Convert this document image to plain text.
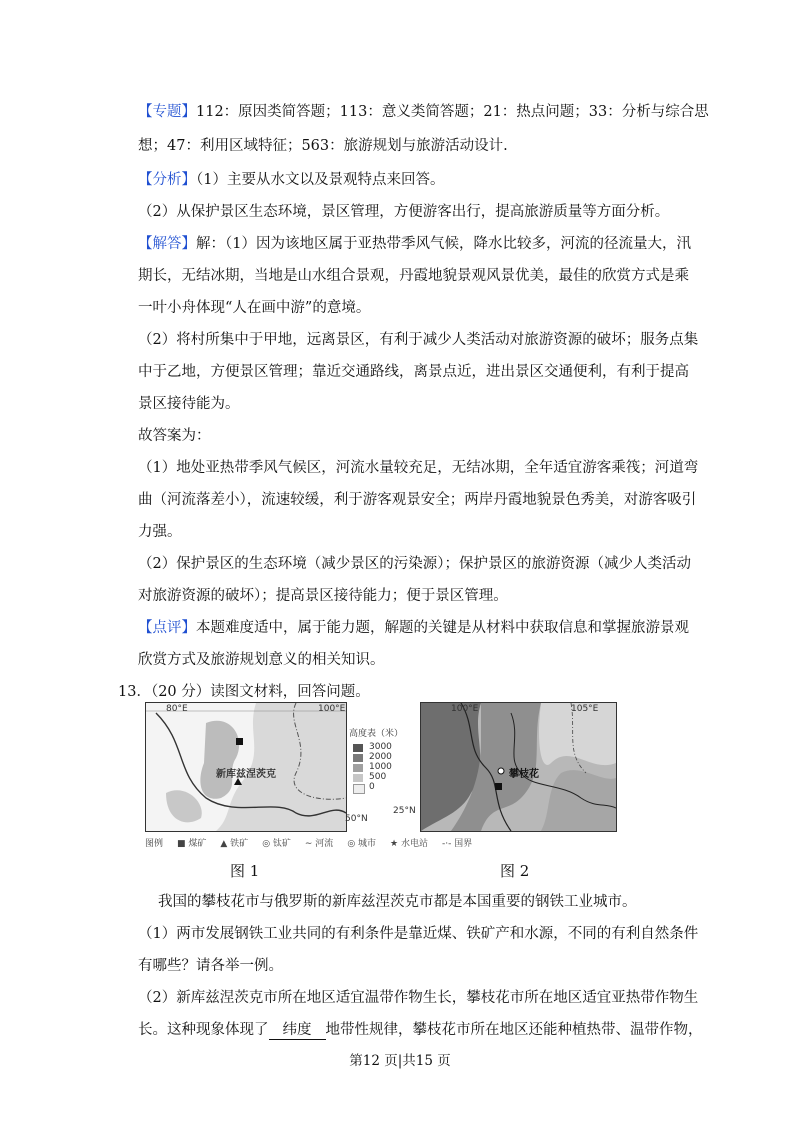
【专题】112：原因类简答题；113：意义类简答题；21：热点问题；33：分析与综合思
想；47：利用区域特征；563：旅游规划与旅游活动设计.
【分析】（1）主要从水文以及景观特点来回答。
（2）从保护景区生态环境，景区管理，方便游客出行，提高旅游质量等方面分析。
【解答】解：（1）因为该地区属于亚热带季风气候，降水比较多，河流的径流量大，汛
期长，无结冰期，当地是山水组合景观，丹霞地貌景观风景优美，最佳的欣赏方式是乘
一叶小舟体现“人在画中游”的意境。
（2）将村所集中于甲地，远离景区，有利于减少人类活动对旅游资源的破坏；服务点集
中于乙地，方便景区管理；靠近交通路线，离景点近，进出景区交通便利，有利于提高
景区接待能为。
故答案为：
（1）地处亚热带季风气候区，河流水量较充足，无结冰期，全年适宜游客乘筏；河道弯
曲（河流落差小），流速较缓，利于游客观景安全；两岸丹霞地貌景色秀美，对游客吸引
力强。
（2）保护景区的生态环境（减少景区的污染源）；保护景区的旅游资源（减少人类活动
对旅游资源的破坏）；提高景区接待能力；便于景区管理。
【点评】本题难度适中，属于能力题，解题的关键是从材料中获取信息和掌握旅游景观
欣赏方式及旅游规划意义的相关知识。
13．（20 分）读图文材料，回答问题。
80°E	100°E
新库兹涅茨克
50°N
高度表（米）
3000
2000
1000
500
0
100°E	105°E
攀枝花
25°N
图例 ■ 煤矿 ▲ 铁矿 ◎ 钛矿 ∼ 河流 ◎ 城市 ★ 水电站 -·- 国界
图 1	图 2
我国的攀枝花市与俄罗斯的新库兹涅茨克市都是本国重要的钢铁工业城市。
（1）两市发展钢铁工业共同的有利条件是靠近煤、铁矿产和水源，不同的有利自然条件
有哪些？请各举一例。
（2）新库兹涅茨克市所在地区适宜温带作物生长，攀枝花市所在地区适宜亚热带作物生
长。这种现象体现了 纬度 地带性规律，攀枝花市所在地区还能种植热带、温带作物，
第12 页|共15 页
